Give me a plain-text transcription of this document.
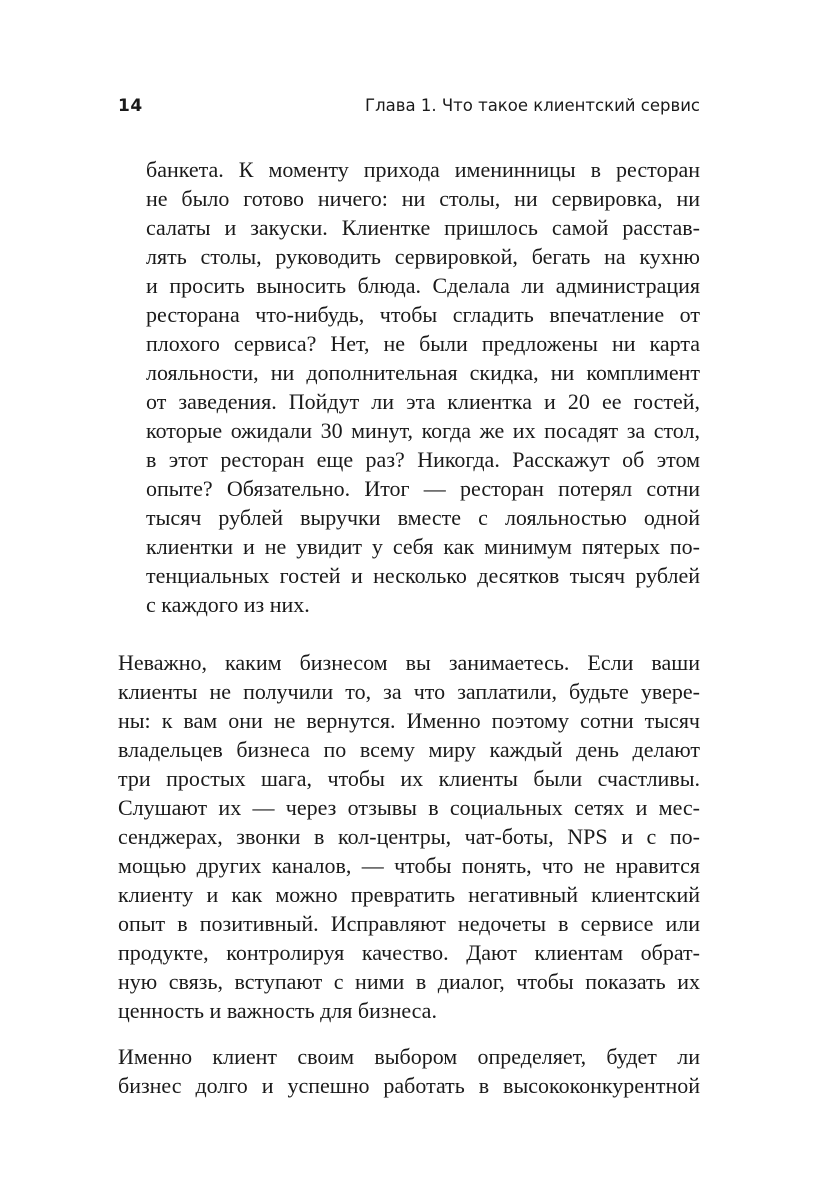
14	Глава 1. Что такое клиентский сервис
банкета. К моменту прихода именинницы в ресторан
не было готово ничего: ни столы, ни сервировка, ни
салаты и закуски. Клиентке пришлось самой расстав-
лять столы, руководить сервировкой, бегать на кухню
и просить выносить блюда. Сделала ли администрация
ресторана что-нибудь, чтобы сгладить впечатление от
плохого сервиса? Нет, не были предложены ни карта
лояльности, ни дополнительная скидка, ни комплимент
от заведения. Пойдут ли эта клиентка и 20 ее гостей,
которые ожидали 30 минут, когда же их посадят за стол,
в этот ресторан еще раз? Никогда. Расскажут об этом
опыте? Обязательно. Итог — ресторан потерял сотни
тысяч рублей выручки вместе с лояльностью одной
клиентки и не увидит у себя как минимум пятерых по-
тенциальных гостей и несколько десятков тысяч рублей
с каждого из них.
Неважно, каким бизнесом вы занимаетесь. Если ваши
клиенты не получили то, за что заплатили, будьте увере-
ны: к вам они не вернутся. Именно поэтому сотни тысяч
владельцев бизнеса по всему миру каждый день делают
три простых шага, чтобы их клиенты были счастливы.
Слушают их — через отзывы в социальных сетях и мес-
сенджерах, звонки в кол-центры, чат-боты, NPS и с по-
мощью других каналов, — чтобы понять, что не нравится
клиенту и как можно превратить негативный клиентский
опыт в позитивный. Исправляют недочеты в сервисе или
продукте, контролируя качество. Дают клиентам обрат-
ную связь, вступают с ними в диалог, чтобы показать их
ценность и важность для бизнеса.
Именно клиент своим выбором определяет, будет ли
бизнес долго и успешно работать в высококонкурентной
